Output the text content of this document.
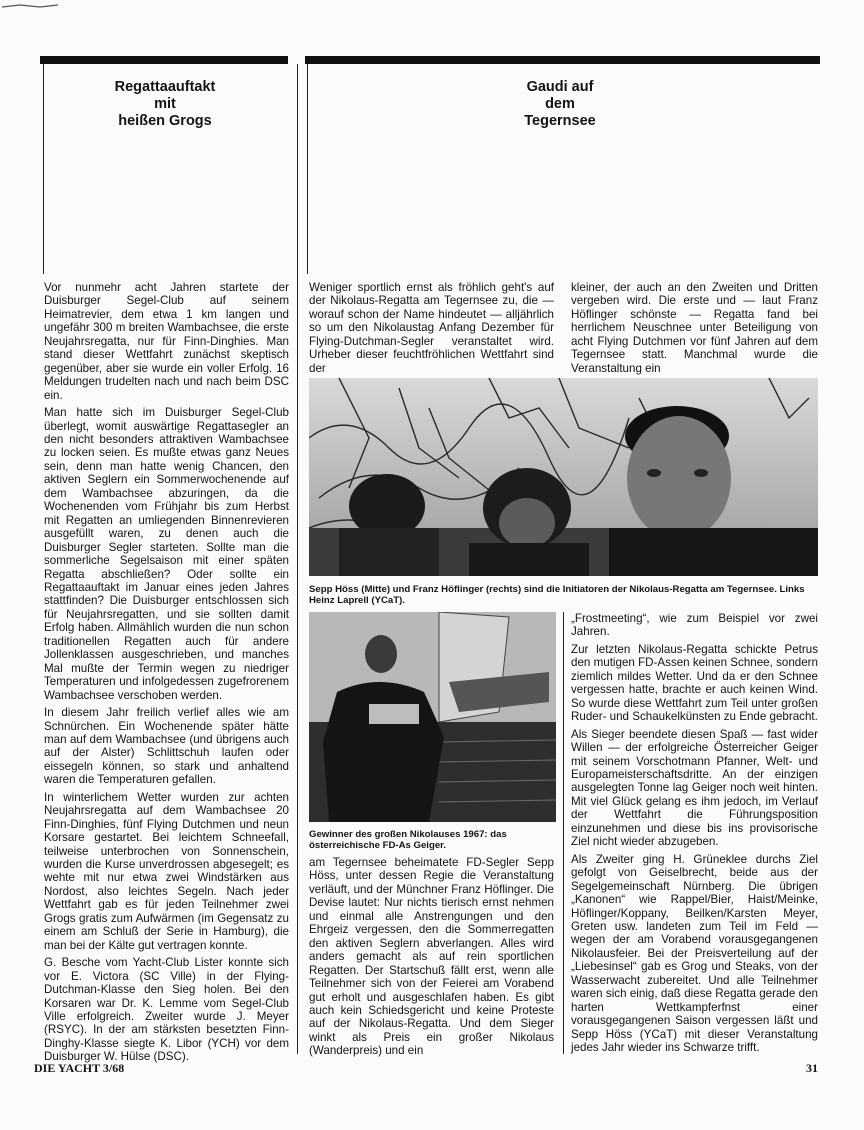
Regattaauftakt
mit
heißen Grogs
Gaudi auf
dem
Tegernsee

Vor nunmehr acht Jahren startete der Duisburger Segel-Club auf seinem Heimatrevier, dem etwa 1 km langen und ungefähr 300 m breiten Wambachsee, die erste Neujahrsregatta, nur für Finn-Dinghies. Man stand dieser Wettfahrt zunächst skeptisch gegenüber, aber sie wurde ein voller Erfolg. 16 Meldungen trudelten nach und nach beim DSC ein.

Man hatte sich im Duisburger Segel-Club überlegt, womit auswärtige Regattasegler an den nicht besonders attraktiven Wambachsee zu locken seien. Es mußte etwas ganz Neues sein, denn man hatte wenig Chancen, den aktiven Seglern ein Sommerwochenende auf dem Wambachsee abzuringen, da die Wochenenden vom Frühjahr bis zum Herbst mit Regatten an umliegenden Binnenrevieren ausgefüllt waren, zu denen auch die Duisburger Segler starteten. Sollte man die sommerliche Segelsaison mit einer späten Regatta abschließen? Oder sollte ein Regattaauftakt im Januar eines jeden Jahres stattfinden? Die Duisburger entschlossen sich für Neujahrsregatten, und sie sollten damit Erfolg haben. Allmählich wurden die nun schon traditionellen Regatten auch für andere Jollenklassen ausgeschrieben, und manches Mal mußte der Termin wegen zu niedriger Temperaturen und infolgedessen zugefrorenem Wambachsee verschoben werden.

In diesem Jahr freilich verlief alles wie am Schnürchen. Ein Wochenende später hätte man auf dem Wambachsee (und übrigens auch auf der Alster) Schlittschuh laufen oder eissegeln können, so stark und anhaltend waren die Temperaturen gefallen.

In winterlichem Wetter wurden zur achten Neujahrsregatta auf dem Wambachsee 20 Finn-Dinghies, fünf Flying Dutchmen und neun Korsare gestartet. Bei leichtem Schneefall, teilweise unterbrochen von Sonnenschein, wurden die Kurse unverdrossen abgesegelt; es wehte mit nur etwa zwei Windstärken aus Nordost, also leichtes Segeln. Nach jeder Wettfahrt gab es für jeden Teilnehmer zwei Grogs gratis zum Aufwärmen (im Gegensatz zu einem am Schluß der Serie in Hamburg), die man bei der Kälte gut vertragen konnte.

G. Besche vom Yacht-Club Lister konnte sich vor E. Victora (SC Ville) in der Flying-Dutchman-Klasse den Sieg holen. Bei den Korsaren war Dr. K. Lemme vom Segel-Club Ville erfolgreich. Zweiter wurde J. Meyer (RSYC). In der am stärksten besetzten Finn-Dinghy-Klasse siegte K. Libor (YCH) vor dem Duisburger W. Hülse (DSC).

Weniger sportlich ernst als fröhlich geht's auf der Nikolaus-Regatta am Tegernsee zu, die — worauf schon der Name hindeutet — alljährlich so um den Nikolaustag Anfang Dezember für Flying-Dutchman-Segler veranstaltet wird. Urheber dieser feuchtfröhlichen Wettfahrt sind der

kleiner, der auch an den Zweiten und Dritten vergeben wird. Die erste und — laut Franz Höflinger schönste — Regatta fand bei herrlichem Neuschnee unter Beteiligung von acht Flying Dutchmen vor fünf Jahren auf dem Tegernsee statt. Manchmal wurde die Veranstaltung ein

Sepp Höss (Mitte) und Franz Höflinger (rechts) sind die Initiatoren der Nikolaus-Regatta am Tegernsee. Links Heinz Laprell (YCaT).
Gewinner des großen Nikolauses 1967: das österreichische FD-As Geiger.

am Tegernsee beheimatete FD-Segler Sepp Höss, unter dessen Regie die Veranstaltung verläuft, und der Münchner Franz Höflinger. Die Devise lautet: Nur nichts tierisch ernst nehmen und einmal alle Anstrengungen und den Ehrgeiz vergessen, den die Sommerregatten den aktiven Seglern abverlangen. Alles wird anders gemacht als auf rein sportlichen Regatten. Der Startschuß fällt erst, wenn alle Teilnehmer sich von der Feierei am Vorabend gut erholt und ausgeschlafen haben. Es gibt auch kein Schiedsgericht und keine Proteste auf der Nikolaus-Regatta. Und dem Sieger winkt als Preis ein großer Nikolaus (Wanderpreis) und ein

„Frostmeeting“, wie zum Beispiel vor zwei Jahren.

Zur letzten Nikolaus-Regatta schickte Petrus den mutigen FD-Assen keinen Schnee, sondern ziemlich mildes Wetter. Und da er den Schnee vergessen hatte, brachte er auch keinen Wind. So wurde diese Wettfahrt zum Teil unter großen Ruder- und Schaukelkünsten zu Ende gebracht.

Als Sieger beendete diesen Spaß — fast wider Willen — der erfolgreiche Österreicher Geiger mit seinem Vorschotmann Pfanner, Welt- und Europameisterschaftsdritte. An der einzigen ausgelegten Tonne lag Geiger noch weit hinten. Mit viel Glück gelang es ihm jedoch, im Verlauf der Wettfahrt die Führungsposition einzunehmen und diese bis ins provisorische Ziel nicht wieder abzugeben.

Als Zweiter ging H. Grüneklee durchs Ziel gefolgt von Geiselbrecht, beide aus der Segelgemeinschaft Nürnberg. Die übrigen „Kanonen“ wie Rappel/Bier, Haist/Meinke, Höflinger/Koppany, Beilken/Karsten Meyer, Greten usw. landeten zum Teil im Feld — wegen der am Vorabend vorausgegangenen Nikolausfeier. Bei der Preisverteilung auf der „Liebesinsel“ gab es Grog und Steaks, von der Wasserwacht zubereitet. Und alle Teilnehmer waren sich einig, daß diese Regatta gerade den harten Wettkampferfnst einer vorausgegangenen Saison vergessen läßt und Sepp Höss (YCaT) mit dieser Veranstaltung jedes Jahr wieder ins Schwarze trifft.

DIE YACHT 3/68	31
